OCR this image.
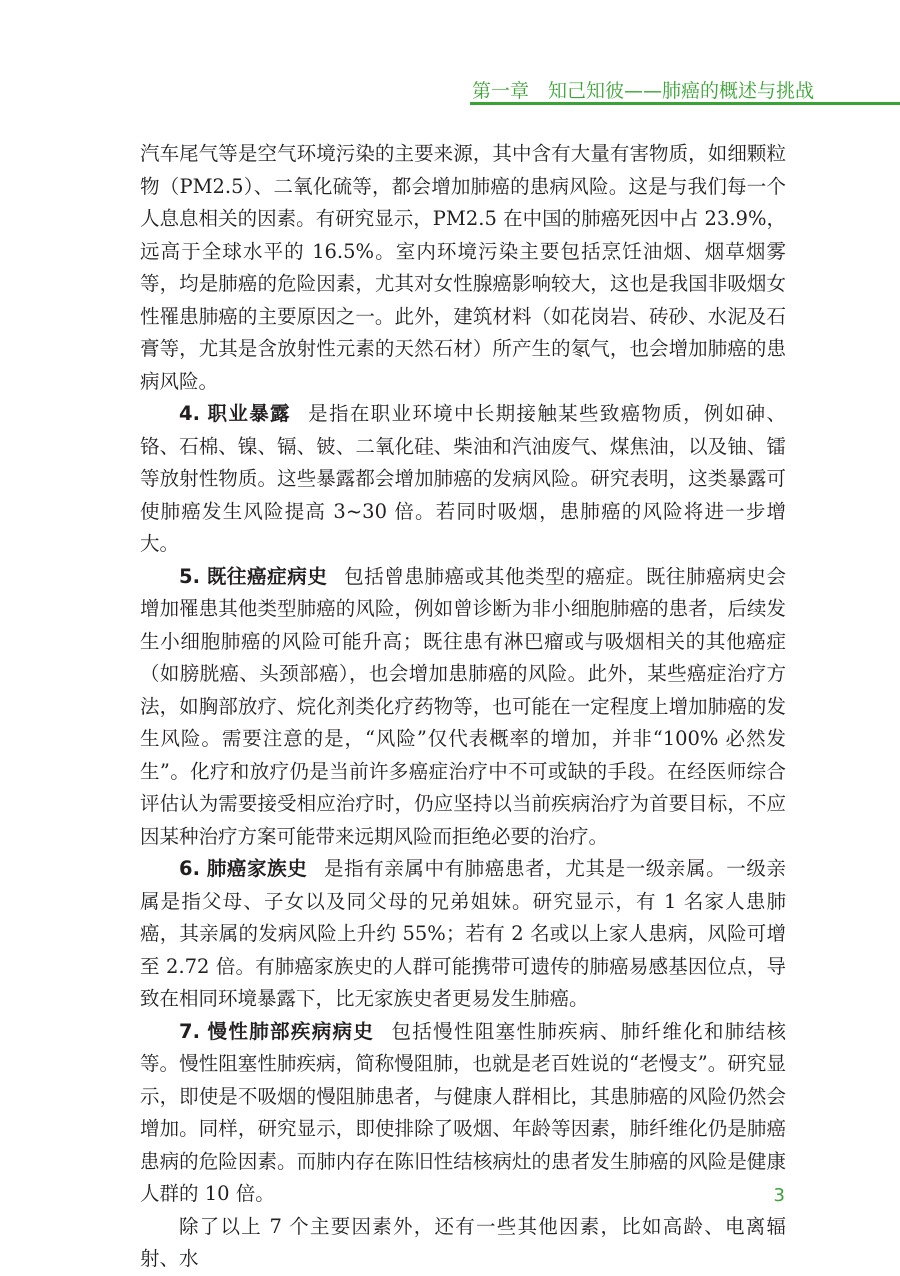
第一章　知己知彼——肺癌的概述与挑战

汽车尾气等是空气环境污染的主要来源，其中含有大量有害物质，如细颗粒物（PM2.5）、二氧化硫等，都会增加肺癌的患病风险。这是与我们每一个人息息相关的因素。有研究显示，PM2.5 在中国的肺癌死因中占 23.9%，远高于全球水平的 16.5%。室内环境污染主要包括烹饪油烟、烟草烟雾等，均是肺癌的危险因素，尤其对女性腺癌影响较大，这也是我国非吸烟女性罹患肺癌的主要原因之一。此外，建筑材料（如花岗岩、砖砂、水泥及石膏等，尤其是含放射性元素的天然石材）所产生的氡气，也会增加肺癌的患病风险。

4. 职业暴露  是指在职业环境中长期接触某些致癌物质，例如砷、铬、石棉、镍、镉、铍、二氧化硅、柴油和汽油废气、煤焦油，以及铀、镭等放射性物质。这些暴露都会增加肺癌的发病风险。研究表明，这类暴露可使肺癌发生风险提高 3~30 倍。若同时吸烟，患肺癌的风险将进一步增大。

5. 既往癌症病史  包括曾患肺癌或其他类型的癌症。既往肺癌病史会增加罹患其他类型肺癌的风险，例如曾诊断为非小细胞肺癌的患者，后续发生小细胞肺癌的风险可能升高；既往患有淋巴瘤或与吸烟相关的其他癌症（如膀胱癌、头颈部癌），也会增加患肺癌的风险。此外，某些癌症治疗方法，如胸部放疗、烷化剂类化疗药物等，也可能在一定程度上增加肺癌的发生风险。需要注意的是，“风险”仅代表概率的增加，并非“100% 必然发生”。化疗和放疗仍是当前许多癌症治疗中不可或缺的手段。在经医师综合评估认为需要接受相应治疗时，仍应坚持以当前疾病治疗为首要目标，不应因某种治疗方案可能带来远期风险而拒绝必要的治疗。

6. 肺癌家族史  是指有亲属中有肺癌患者，尤其是一级亲属。一级亲属是指父母、子女以及同父母的兄弟姐妹。研究显示，有 1 名家人患肺癌，其亲属的发病风险上升约 55%；若有 2 名或以上家人患病，风险可增至 2.72 倍。有肺癌家族史的人群可能携带可遗传的肺癌易感基因位点，导致在相同环境暴露下，比无家族史者更易发生肺癌。

7. 慢性肺部疾病病史  包括慢性阻塞性肺疾病、肺纤维化和肺结核等。慢性阻塞性肺疾病，简称慢阻肺，也就是老百姓说的“老慢支”。研究显示，即使是不吸烟的慢阻肺患者，与健康人群相比，其患肺癌的风险仍然会增加。同样，研究显示，即使排除了吸烟、年龄等因素，肺纤维化仍是肺癌患病的危险因素。而肺内存在陈旧性结核病灶的患者发生肺癌的风险是健康人群的 10 倍。

除了以上 7 个主要因素外，还有一些其他因素，比如高龄、电离辐射、水

3
